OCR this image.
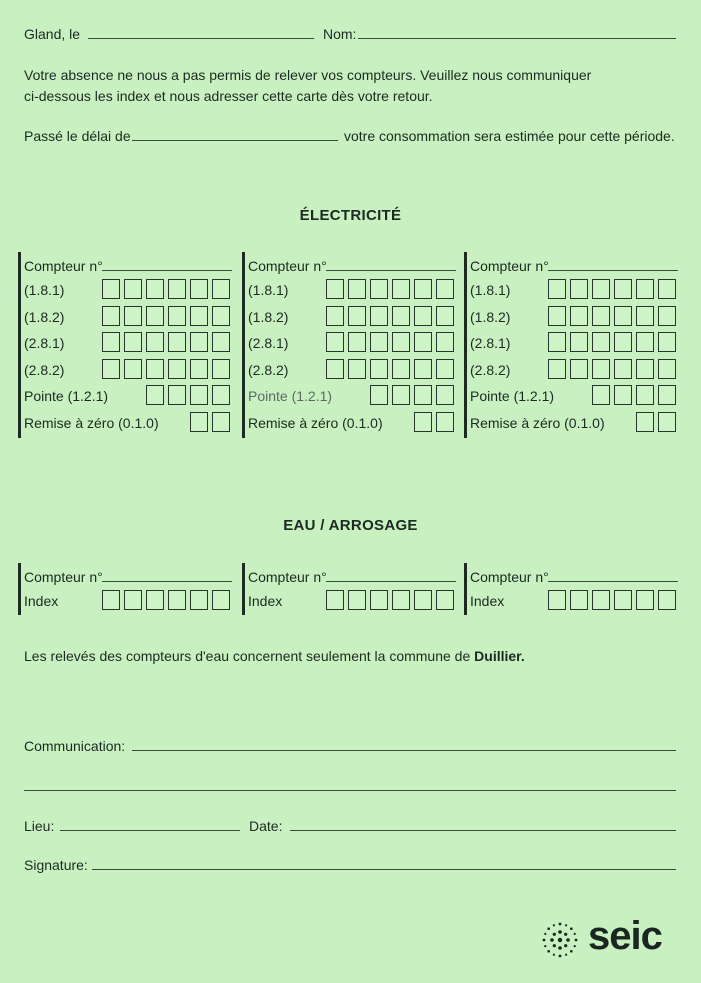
Gland, le	Nom:
Votre absence ne nous a pas permis de relever vos compteurs. Veuillez nous communiquer
ci-dessous les index et nous adresser cette carte dès votre retour.
Passé le délai de	votre consommation sera estimée pour cette période.
ÉLECTRICITÉ
Compteur n°
(1.8.1)
(1.8.2)
(2.8.1)
(2.8.2)
Pointe (1.2.1)
Remise à zéro (0.1.0)
Compteur n°
(1.8.1)
(1.8.2)
(2.8.1)
(2.8.2)
Pointe (1.2.1)
Remise à zéro (0.1.0)
Compteur n°
(1.8.1)
(1.8.2)
(2.8.1)
(2.8.2)
Pointe (1.2.1)
Remise à zéro (0.1.0)
EAU / ARROSAGE
Compteur n°
Index
Compteur n°
Index
Compteur n°
Index
Les relevés des compteurs d'eau concernent seulement la commune de Duillier.
Communication:
Lieu:	Date:
Signature:
seic
